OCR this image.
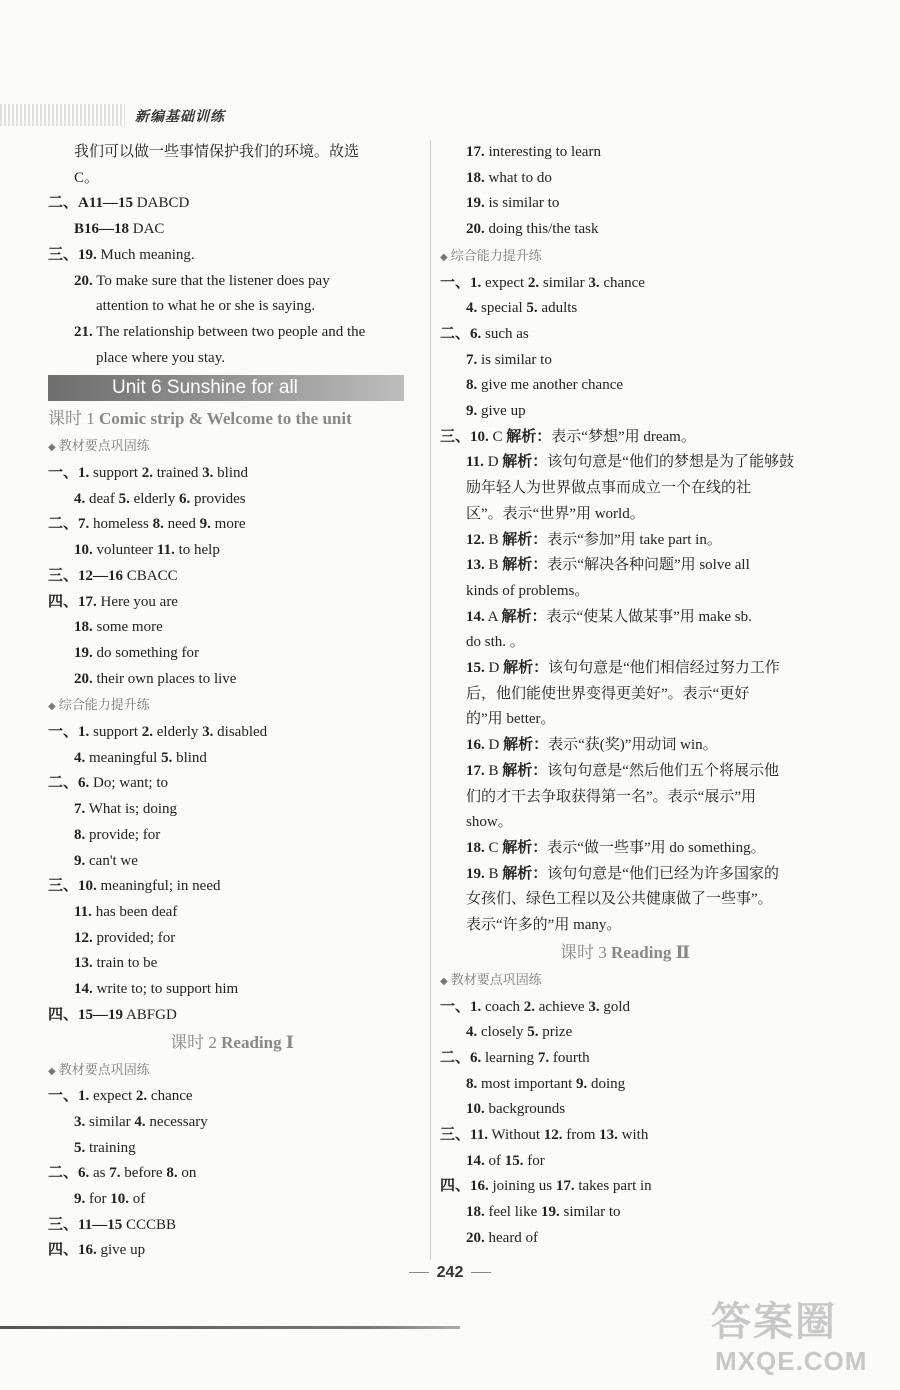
新编基础训练
我们可以做一些事情保护我们的环境。故选
C。
二、A11—15 DABCD
B16—18 DAC
三、19. Much meaning.
20. To make sure that the listener does pay
attention to what he or she is saying.
21. The relationship between two people and the
place where you stay.
Unit 6 Sunshine for all
课时 1 Comic strip & Welcome to the unit
◆ 教材要点巩固练
一、1. support 2. trained 3. blind
4. deaf 5. elderly 6. provides
二、7. homeless 8. need 9. more
10. volunteer 11. to help
三、12—16 CBACC
四、17. Here you are
18. some more
19. do something for
20. their own places to live
◆ 综合能力提升练
一、1. support 2. elderly 3. disabled
4. meaningful 5. blind
二、6. Do; want; to
7. What is; doing
8. provide; for
9. can't we
三、10. meaningful; in need
11. has been deaf
12. provided; for
13. train to be
14. write to; to support him
四、15—19 ABFGD
课时 2 Reading Ⅰ
◆ 教材要点巩固练
一、1. expect 2. chance
3. similar 4. necessary
5. training
二、6. as 7. before 8. on
9. for 10. of
三、11—15 CCCBB
四、16. give up
17. interesting to learn
18. what to do
19. is similar to
20. doing this/the task
◆ 综合能力提升练
一、1. expect 2. similar 3. chance
4. special 5. adults
二、6. such as
7. is similar to
8. give me another chance
9. give up
三、10. C 解析：表示“梦想”用 dream。
11. D 解析：该句句意是“他们的梦想是为了能够鼓
励年轻人为世界做点事而成立一个在线的社
区”。表示“世界”用 world。
12. B 解析：表示“参加”用 take part in。
13. B 解析：表示“解决各种问题”用 solve all
kinds of problems。
14. A 解析：表示“使某人做某事”用 make sb.
do sth. 。
15. D 解析：该句句意是“他们相信经过努力工作
后，他们能使世界变得更美好”。表示“更好
的”用 better。
16. D 解析：表示“获(奖)”用动词 win。
17. B 解析：该句句意是“然后他们五个将展示他
们的才干去争取获得第一名”。表示“展示”用
show。
18. C 解析：表示“做一些事”用 do something。
19. B 解析：该句句意是“他们已经为许多国家的
女孩们、绿色工程以及公共健康做了一些事”。
表示“许多的”用 many。
课时 3 Reading Ⅱ
◆ 教材要点巩固练
一、1. coach 2. achieve 3. gold
4. closely 5. prize
二、6. learning 7. fourth
8. most important 9. doing
10. backgrounds
三、11. Without 12. from 13. with
14. of 15. for
四、16. joining us 17. takes part in
18. feel like 19. similar to
20. heard of
242
答案圈
MXQE.COM
